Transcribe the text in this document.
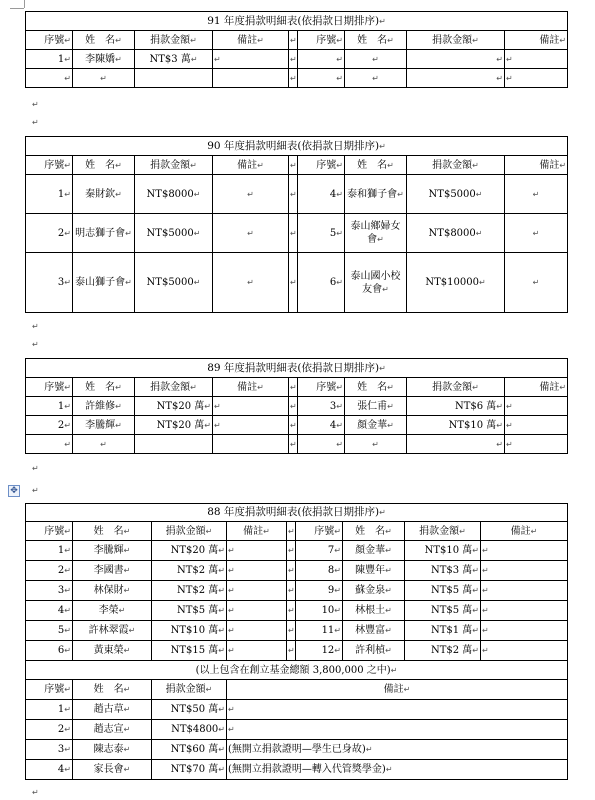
91 年度捐款明細表(依捐款日期排序)↵								
序號↵	姓　名↵	捐款金額↵	備註↵	↵	序號↵	姓　名↵	捐款金額↵	備註↵
1↵	李陳嬌↵	NT$3 萬↵	↵	↵	↵	↵	↵	↵
↵	↵			↵	↵	↵	↵	↵
↵
↵
90 年度捐款明細表(依捐款日期排序)↵								
序號↵	姓　名↵	捐款金額↵	備註↵	↵	序號↵	姓　名↵	捐款金額↵	備註↵
1↵	秦財欽↵	NT$8000↵	↵	↵	4↵	泰和獅子會↵	NT$5000↵	↵
2↵	明志獅子會↵	NT$5000↵	↵	↵	5↵	泰山鄉婦女會↵	NT$8000↵	↵
3↵	泰山獅子會↵	NT$5000↵	↵	↵	6↵	泰山國小校友會↵	NT$10000↵	↵
↵
↵
89 年度捐款明細表(依捐款日期排序)↵								
序號↵	姓　名↵	捐款金額↵	備註↵	↵	序號↵	姓　名↵	捐款金額↵	備註↵
1↵	許維修↵	NT$20 萬↵	↵	↵	3↵	張仁甫↵	NT$6 萬↵	↵
2↵	李騰輝↵	NT$20 萬↵	↵	↵	4↵	顏金華↵	NT$10 萬↵	↵
↵	↵			↵	↵	↵	↵	↵
↵
✥ ↵
88 年度捐款明細表(依捐款日期排序)↵								
序號↵	姓　名↵	捐款金額↵	備註↵	↵	序號↵	姓　名↵	捐款金額↵	備註↵
1↵	李騰輝↵	NT$20 萬↵	↵	↵	7↵	顏金華↵	NT$10 萬↵	↵
2↵	李國書↵	NT$2 萬↵	↵	↵	8↵	陳豐年↵	NT$3 萬↵	↵
3↵	林保財↵	NT$2 萬↵	↵	↵	9↵	蘇金泉↵	NT$5 萬↵	↵
4↵	李榮↵	NT$5 萬↵	↵	↵	10↵	林根土↵	NT$5 萬↵	↵
5↵	許林翠霞↵	NT$10 萬↵	↵	↵	11↵	林豐富↵	NT$1 萬↵	↵
6↵	黃東榮↵	NT$15 萬↵	↵	↵	12↵	許利楨↵	NT$2 萬↵	↵
(以上包含在創立基金總額 3,800,000 之中)↵								
序號↵	姓　名↵	捐款金額↵	備註↵					
1↵	趙古草↵	NT$50 萬↵	↵					
2↵	趙志宣↵	NT$4800↵	↵					
3↵	陳志泰↵	NT$60 萬↵	(無開立捐款證明—學生已身故)↵					
4↵	家長會↵	NT$70 萬↵	(無開立捐款證明—轉入代管獎學金)↵					
↵
